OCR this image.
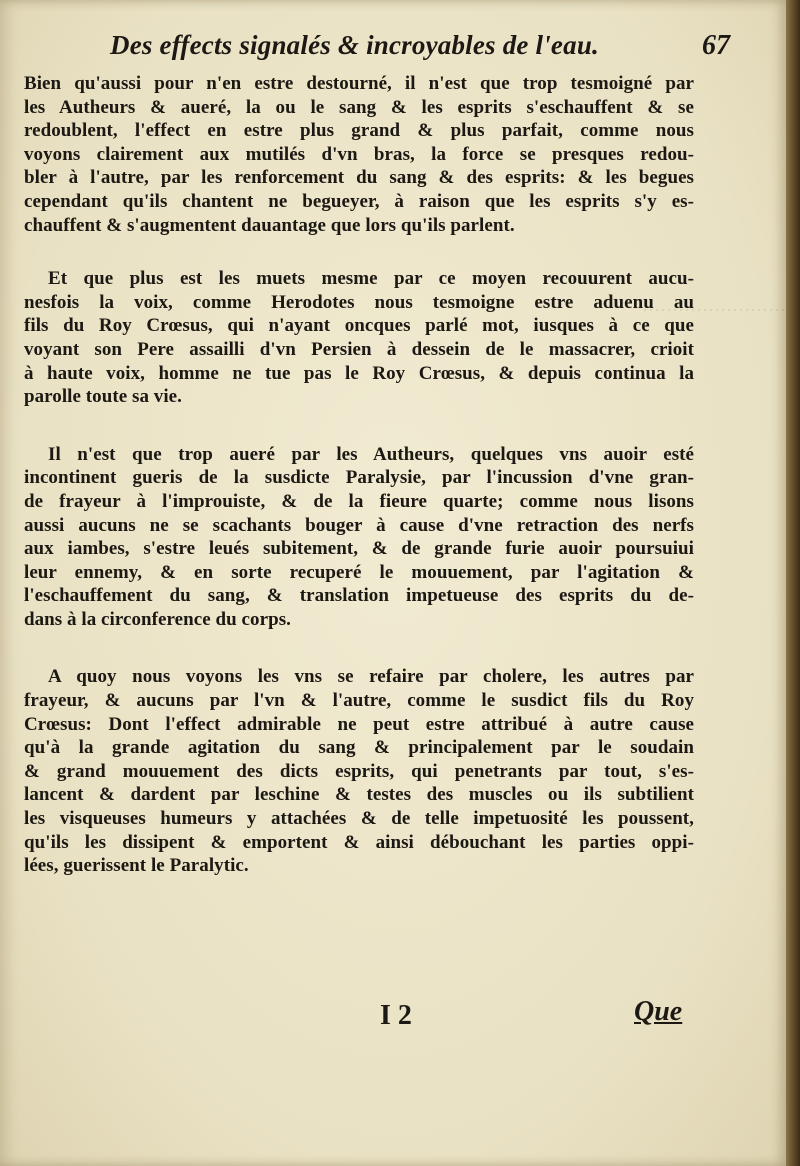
························
Des effects signalés & incroyables de l'eau.	67
Bien qu'aussi pour n'en estre destourné, il n'est que trop tesmoigné par
les Autheurs & aueré, la ou le sang & les esprits s'eschauffent & se
redoublent, l'effect en estre plus grand & plus parfait, comme nous
voyons clairement aux mutilés d'vn bras, la force se presques redou-
bler à l'autre, par les renforcement du sang & des esprits: & les begues
cependant qu'ils chantent ne begueyer, à raison que les esprits s'y es-
chauffent & s'augmentent dauantage que lors qu'ils parlent.
Et que plus est les muets mesme par ce moyen recouurent aucu-
nesfois la voix, comme Herodotes nous tesmoigne estre aduenu au
fils du Roy Crœsus, qui n'ayant oncques parlé mot, iusques à ce que
voyant son Pere assailli d'vn Persien à dessein de le massacrer, crioit
à haute voix, homme ne tue pas le Roy Crœsus, & depuis continua la
parolle toute sa vie.
Il n'est que trop aueré par les Autheurs, quelques vns auoir esté
incontinent gueris de la susdicte Paralysie, par l'incussion d'vne gran-
de frayeur à l'improuiste, & de la fieure quarte; comme nous lisons
aussi aucuns ne se scachants bouger à cause d'vne retraction des nerfs
aux iambes, s'estre leués subitement, & de grande furie auoir poursuiui
leur ennemy, & en sorte recuperé le mouuement, par l'agitation &
l'eschauffement du sang, & translation impetueuse des esprits du de-
dans à la circonference du corps.
A quoy nous voyons les vns se refaire par cholere, les autres par
frayeur, & aucuns par l'vn & l'autre, comme le susdict fils du Roy
Crœsus: Dont l'effect admirable ne peut estre attribué à autre cause
qu'à la grande agitation du sang & principalement par le soudain
& grand mouuement des dicts esprits, qui penetrants par tout, s'es-
lancent & dardent par leschine & testes des muscles ou ils subtilient
les visqueuses humeurs y attachées & de telle impetuosité les poussent,
qu'ils les dissipent & emportent & ainsi débouchant les parties oppi-
lées, guerissent le Paralytic.
I 2	Que
